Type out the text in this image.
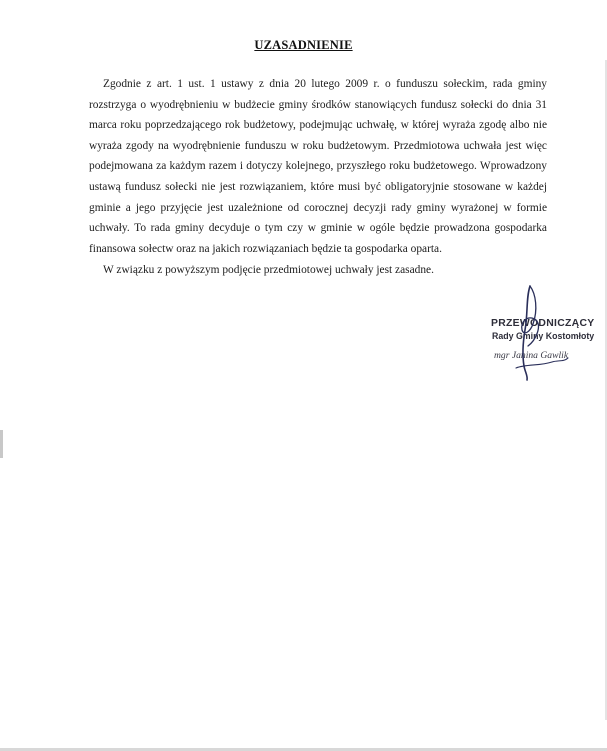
UZASADNIENIE

Zgodnie z art. 1 ust. 1 ustawy z dnia 20 lutego 2009 r. o funduszu sołeckim, rada gminy rozstrzyga o wyodrębnieniu w budżecie gminy środków stanowiących fundusz sołecki do dnia 31 marca roku poprzedzającego rok budżetowy, podejmując uchwałę, w której wyraża zgodę albo nie wyraża zgody na wyodrębnienie funduszu w roku budżetowym. Przedmiotowa uchwała jest więc podejmowana za każdym razem i dotyczy kolejnego, przyszłego roku budżetowego. Wprowadzony ustawą fundusz sołecki nie jest rozwiązaniem, które musi być obligatoryjnie stosowane w każdej gminie a jego przyjęcie jest uzależnione od corocznej decyzji rady gminy wyrażonej w formie uchwały. To rada gminy decyduje o tym czy w gminie w ogóle będzie prowadzona gospodarka finansowa sołectw oraz na jakich rozwiązaniach będzie ta gospodarka oparta.

W związku z powyższym podjęcie przedmiotowej uchwały jest zasadne.

PRZEWODNICZĄCY
Rady Gminy Kostomłoty
mgr Janina Gawlik
